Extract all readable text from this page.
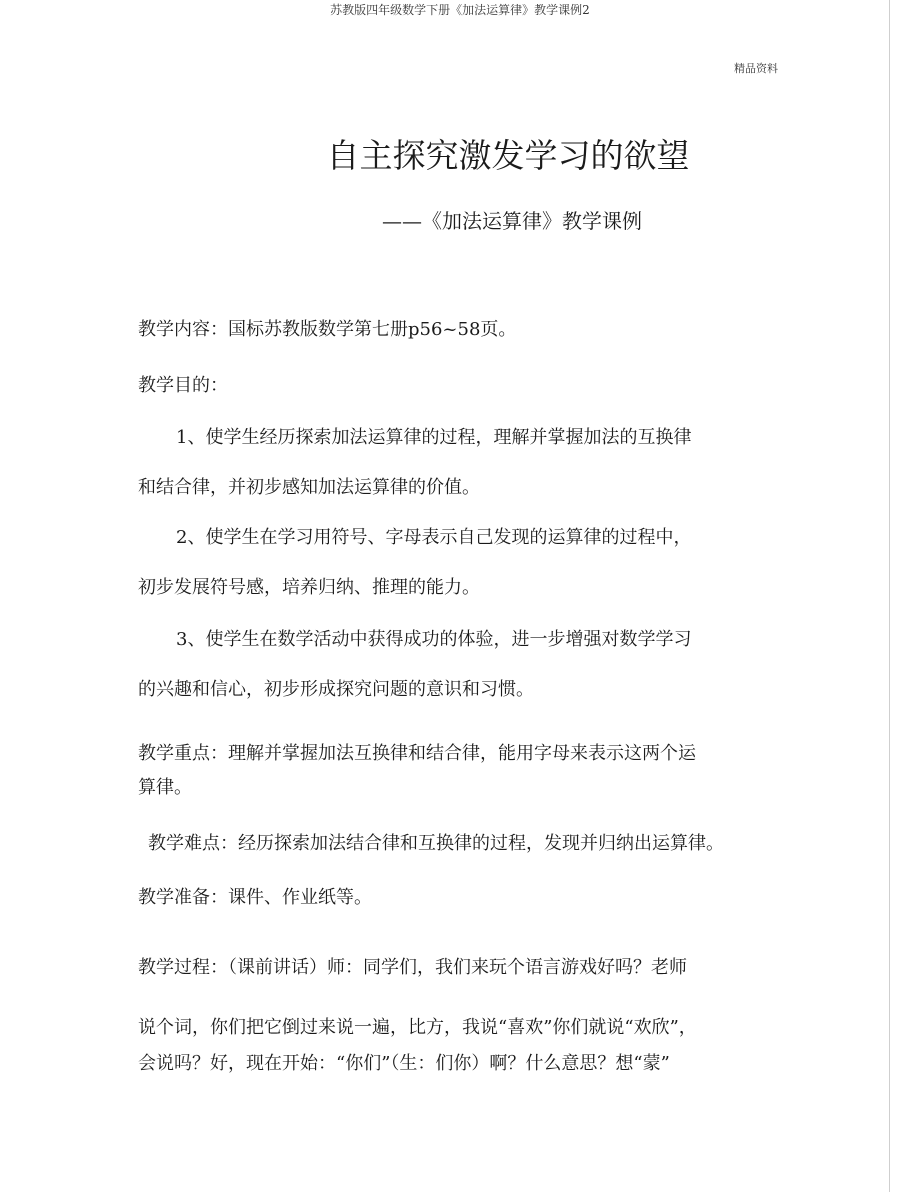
苏教版四年级数学下册《加法运算律》教学课例2
精品资料
自主探究激发学习的欲望
——《加法运算律》教学课例
教学内容：国标苏教版数学第七册p56~58页。
教学目的：
1、使学生经历探索加法运算律的过程，理解并掌握加法的互换律
和结合律，并初步感知加法运算律的价值。
2、使学生在学习用符号、字母表示自己发现的运算律的过程中，
初步发展符号感，培养归纳、推理的能力。
3、使学生在数学活动中获得成功的体验，进一步增强对数学学习
的兴趣和信心，初步形成探究问题的意识和习惯。
教学重点：理解并掌握加法互换律和结合律，能用字母来表示这两个运
算律。
教学难点：经历探索加法结合律和互换律的过程，发现并归纳出运算律。
教学准备：课件、作业纸等。
教学过程：（课前讲话）师：同学们，我们来玩个语言游戏好吗？老师
说个词，你们把它倒过来说一遍，比方，我说“喜欢”你们就说“欢欣”，
会说吗？好，现在开始：“你们”（生：们你）啊？什么意思？想“蒙”
